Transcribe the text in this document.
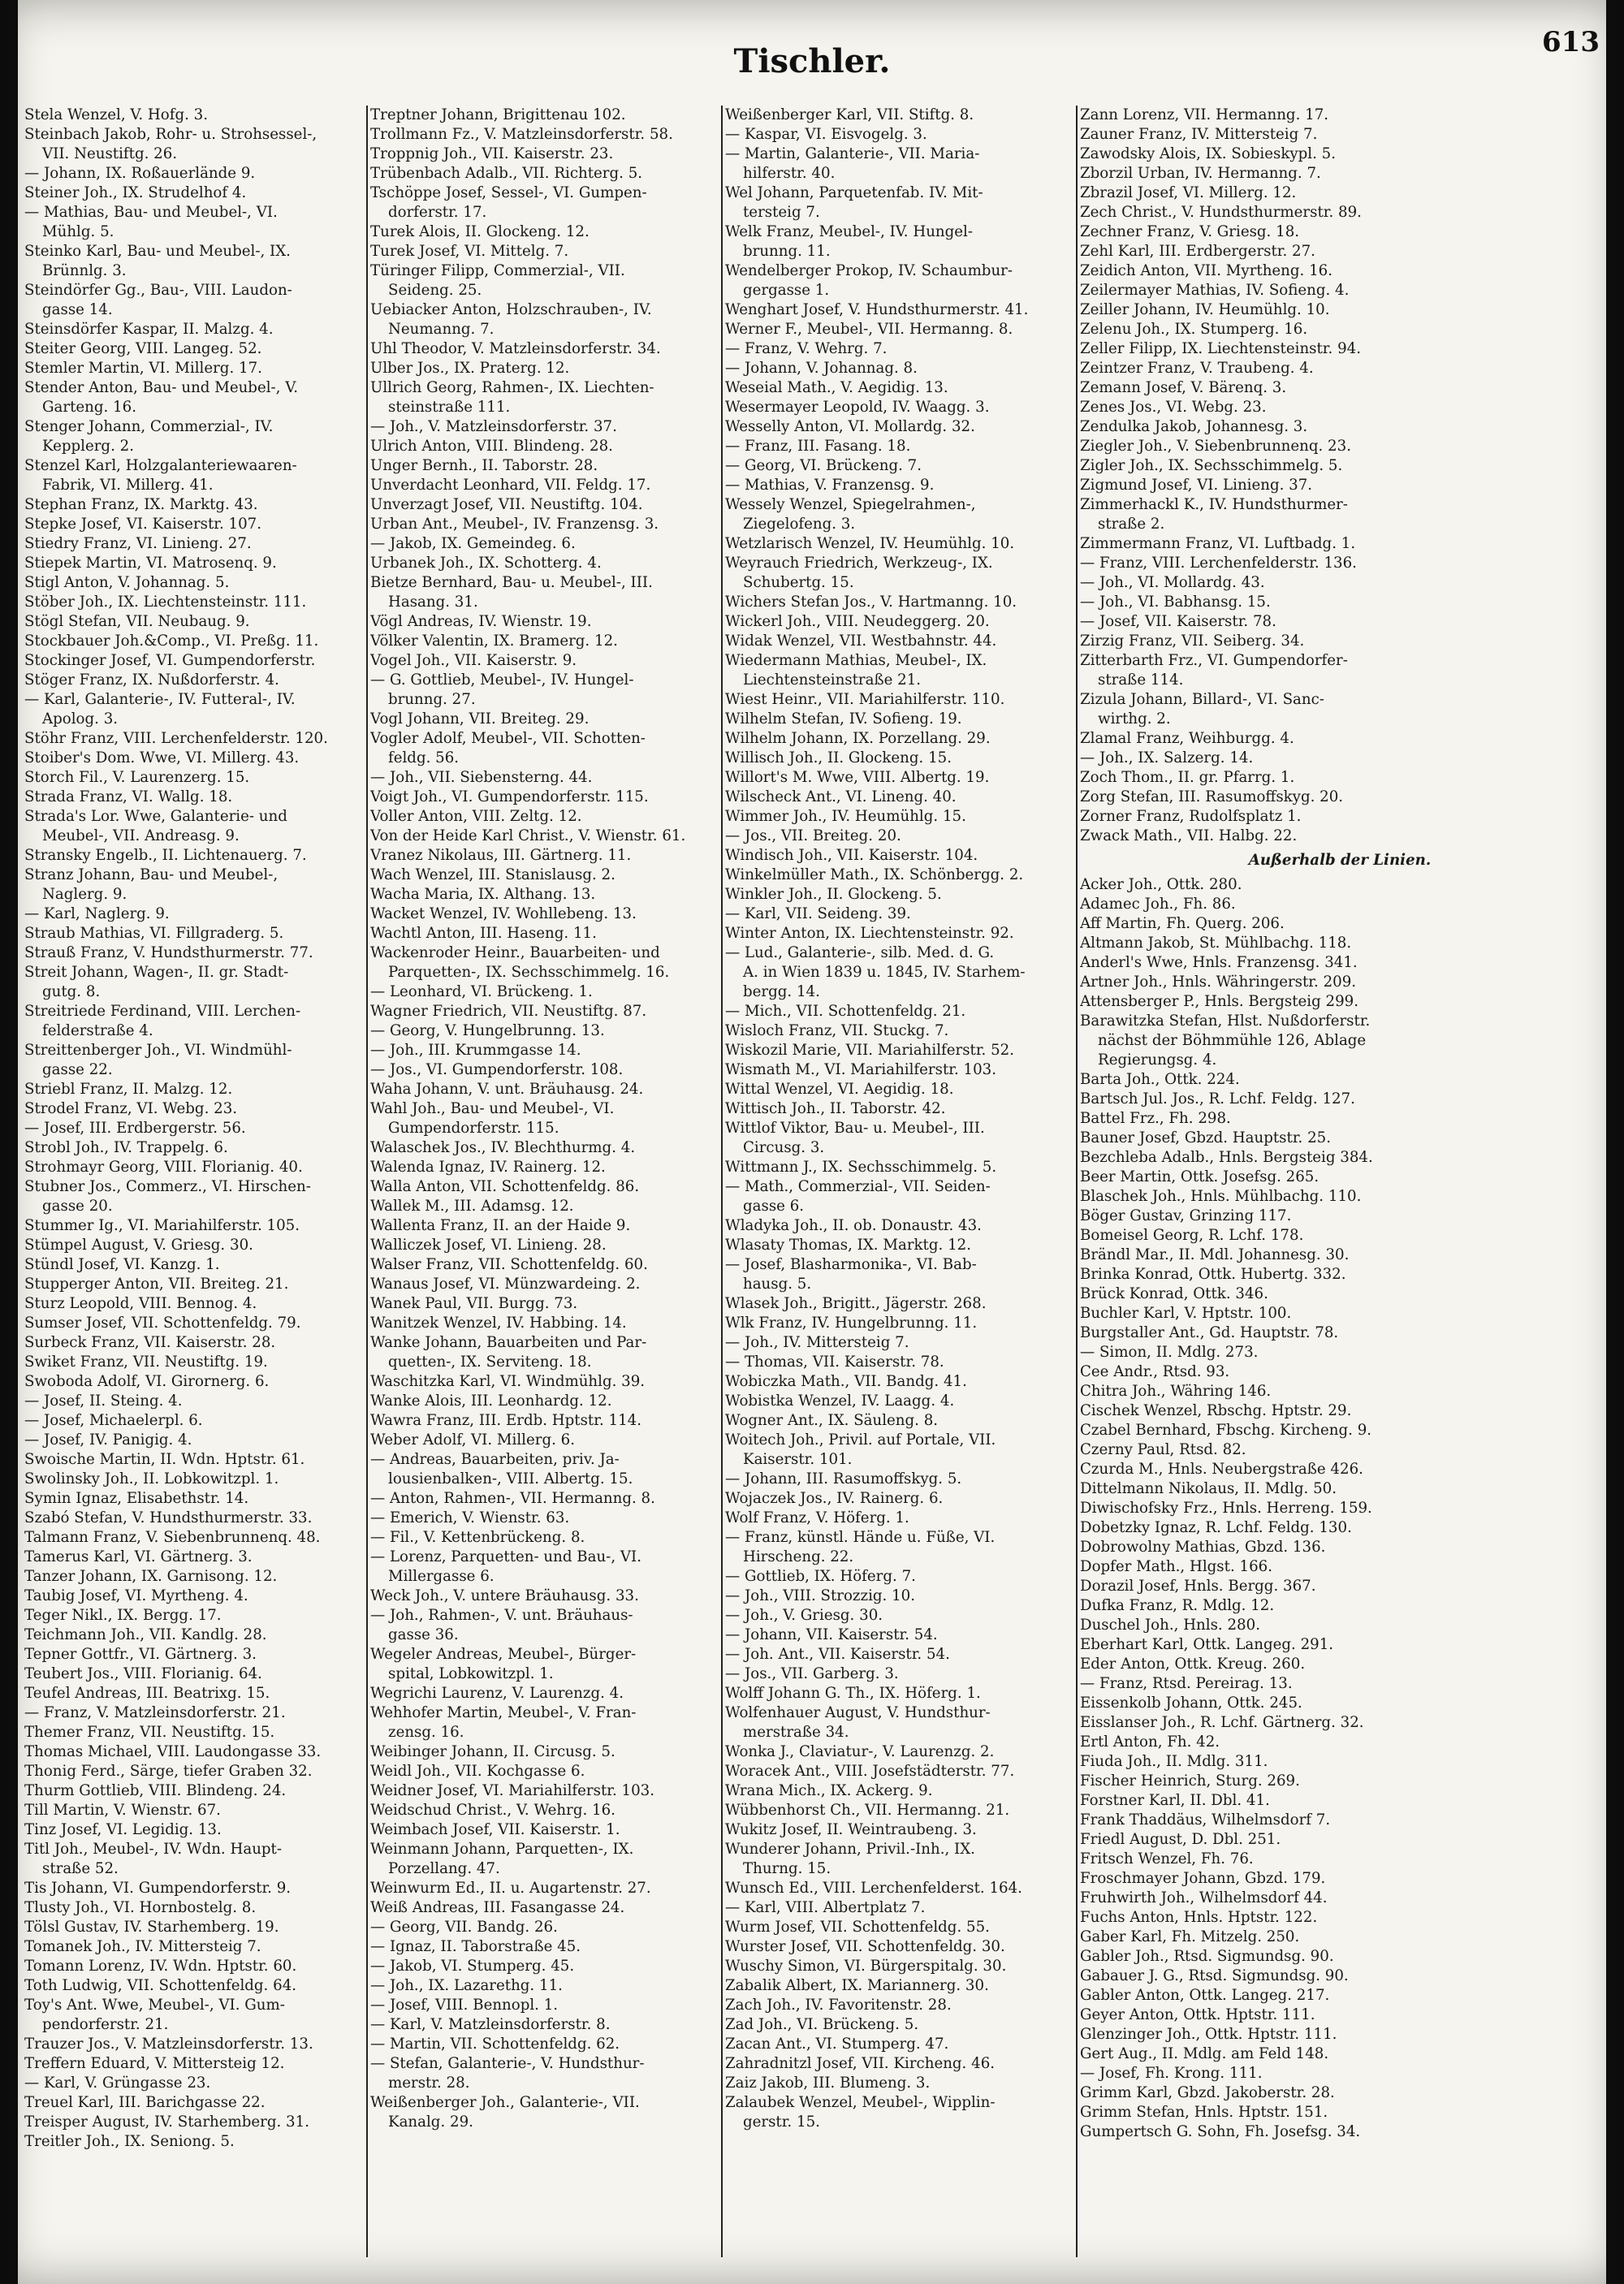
Tischler.	613
Stela Wenzel, V. Hofg. 3.
Steinbach Jakob, Rohr- u. Strohsessel-,
VII. Neustiftg. 26.
— Johann, IX. Roßauerlände 9.
Steiner Joh., IX. Strudelhof 4.
— Mathias, Bau- und Meubel-, VI.
Mühlg. 5.
Steinko Karl, Bau- und Meubel-, IX.
Brünnlg. 3.
Steindörfer Gg., Bau-, VIII. Laudon-
gasse 14.
Steinsdörfer Kaspar, II. Malzg. 4.
Steiter Georg, VIII. Langeg. 52.
Stemler Martin, VI. Millerg. 17.
Stender Anton, Bau- und Meubel-, V.
Garteng. 16.
Stenger Johann, Commerzial-, IV.
Kepplerg. 2.
Stenzel Karl, Holzgalanteriewaaren-
Fabrik, VI. Millerg. 41.
Stephan Franz, IX. Marktg. 43.
Stepke Josef, VI. Kaiserstr. 107.
Stiedry Franz, VI. Linieng. 27.
Stiepek Martin, VI. Matrosenq. 9.
Stigl Anton, V. Johannag. 5.
Stöber Joh., IX. Liechtensteinstr. 111.
Stögl Stefan, VII. Neubaug. 9.
Stockbauer Joh.&Comp., VI. Preßg. 11.
Stockinger Josef, VI. Gumpendorferstr.
Stöger Franz, IX. Nußdorferstr. 4.
— Karl, Galanterie-, IV. Futteral-, IV.
Apolog. 3.
Stöhr Franz, VIII. Lerchenfelderstr. 120.
Stoiber's Dom. Wwe, VI. Millerg. 43.
Storch Fil., V. Laurenzerg. 15.
Strada Franz, VI. Wallg. 18.
Strada's Lor. Wwe, Galanterie- und
Meubel-, VII. Andreasg. 9.
Stransky Engelb., II. Lichtenauerg. 7.
Stranz Johann, Bau- und Meubel-,
Naglerg. 9.
— Karl, Naglerg. 9.
Straub Mathias, VI. Fillgraderg. 5.
Strauß Franz, V. Hundsthurmerstr. 77.
Streit Johann, Wagen-, II. gr. Stadt-
gutg. 8.
Streitriede Ferdinand, VIII. Lerchen-
felderstraße 4.
Streittenberger Joh., VI. Windmühl-
gasse 22.
Striebl Franz, II. Malzg. 12.
Strodel Franz, VI. Webg. 23.
— Josef, III. Erdbergerstr. 56.
Strobl Joh., IV. Trappelg. 6.
Strohmayr Georg, VIII. Florianig. 40.
Stubner Jos., Commerz., VI. Hirschen-
gasse 20.
Stummer Ig., VI. Mariahilferstr. 105.
Stümpel August, V. Griesg. 30.
Stündl Josef, VI. Kanzg. 1.
Stupperger Anton, VII. Breiteg. 21.
Sturz Leopold, VIII. Bennog. 4.
Sumser Josef, VII. Schottenfeldg. 79.
Surbeck Franz, VII. Kaiserstr. 28.
Swiket Franz, VII. Neustiftg. 19.
Swoboda Adolf, VI. Girornerg. 6.
— Josef, II. Steing. 4.
— Josef, Michaelerpl. 6.
— Josef, IV. Panigig. 4.
Swoische Martin, II. Wdn. Hptstr. 61.
Swolinsky Joh., II. Lobkowitzpl. 1.
Symin Ignaz, Elisabethstr. 14.
Szabó Stefan, V. Hundsthurmerstr. 33.
Talmann Franz, V. Siebenbrunnenq. 48.
Tamerus Karl, VI. Gärtnerg. 3.
Tanzer Johann, IX. Garnisong. 12.
Taubig Josef, VI. Myrtheng. 4.
Teger Nikl., IX. Bergg. 17.
Teichmann Joh., VII. Kandlg. 28.
Tepner Gottfr., VI. Gärtnerg. 3.
Teubert Jos., VIII. Florianig. 64.
Teufel Andreas, III. Beatrixg. 15.
— Franz, V. Matzleinsdorferstr. 21.
Themer Franz, VII. Neustiftg. 15.
Thomas Michael, VIII. Laudongasse 33.
Thonig Ferd., Särge, tiefer Graben 32.
Thurm Gottlieb, VIII. Blindeng. 24.
Till Martin, V. Wienstr. 67.
Tinz Josef, VI. Legidig. 13.
Titl Joh., Meubel-, IV. Wdn. Haupt-
straße 52.
Tis Johann, VI. Gumpendorferstr. 9.
Tlusty Joh., VI. Hornbostelg. 8.
Tölsl Gustav, IV. Starhemberg. 19.
Tomanek Joh., IV. Mittersteig 7.
Tomann Lorenz, IV. Wdn. Hptstr. 60.
Toth Ludwig, VII. Schottenfeldg. 64.
Toy's Ant. Wwe, Meubel-, VI. Gum-
pendorferstr. 21.
Trauzer Jos., V. Matzleinsdorferstr. 13.
Treffern Eduard, V. Mittersteig 12.
— Karl, V. Grüngasse 23.
Treuel Karl, III. Barichgasse 22.
Treisper August, IV. Starhemberg. 31.
Treitler Joh., IX. Seniong. 5.
Treptner Johann, Brigittenau 102.
Trollmann Fz., V. Matzleinsdorferstr. 58.
Troppnig Joh., VII. Kaiserstr. 23.
Trübenbach Adalb., VII. Richterg. 5.
Tschöppe Josef, Sessel-, VI. Gumpen-
dorferstr. 17.
Turek Alois, II. Glockeng. 12.
Turek Josef, VI. Mittelg. 7.
Türinger Filipp, Commerzial-, VII.
Seideng. 25.
Uebiacker Anton, Holzschrauben-, IV.
Neumanng. 7.
Uhl Theodor, V. Matzleinsdorferstr. 34.
Ulber Jos., IX. Praterg. 12.
Ullrich Georg, Rahmen-, IX. Liechten-
steinstraße 111.
— Joh., V. Matzleinsdorferstr. 37.
Ulrich Anton, VIII. Blindeng. 28.
Unger Bernh., II. Taborstr. 28.
Unverdacht Leonhard, VII. Feldg. 17.
Unverzagt Josef, VII. Neustiftg. 104.
Urban Ant., Meubel-, IV. Franzensg. 3.
— Jakob, IX. Gemeindeg. 6.
Urbanek Joh., IX. Schotterg. 4.
Bietze Bernhard, Bau- u. Meubel-, III.
Hasang. 31.
Vögl Andreas, IV. Wienstr. 19.
Völker Valentin, IX. Bramerg. 12.
Vogel Joh., VII. Kaiserstr. 9.
— G. Gottlieb, Meubel-, IV. Hungel-
brunng. 27.
Vogl Johann, VII. Breiteg. 29.
Vogler Adolf, Meubel-, VII. Schotten-
feldg. 56.
— Joh., VII. Siebensterng. 44.
Voigt Joh., VI. Gumpendorferstr. 115.
Voller Anton, VIII. Zeltg. 12.
Von der Heide Karl Christ., V. Wienstr. 61.
Vranez Nikolaus, III. Gärtnerg. 11.
Wach Wenzel, III. Stanislausg. 2.
Wacha Maria, IX. Althang. 13.
Wacket Wenzel, IV. Wohllebeng. 13.
Wachtl Anton, III. Haseng. 11.
Wackenroder Heinr., Bauarbeiten- und
Parquetten-, IX. Sechsschimmelg. 16.
— Leonhard, VI. Brückeng. 1.
Wagner Friedrich, VII. Neustiftg. 87.
— Georg, V. Hungelbrunng. 13.
— Joh., III. Krummgasse 14.
— Jos., VI. Gumpendorferstr. 108.
Waha Johann, V. unt. Bräuhausg. 24.
Wahl Joh., Bau- und Meubel-, VI.
Gumpendorferstr. 115.
Walaschek Jos., IV. Blechthurmg. 4.
Walenda Ignaz, IV. Rainerg. 12.
Walla Anton, VII. Schottenfeldg. 86.
Wallek M., III. Adamsg. 12.
Wallenta Franz, II. an der Haide 9.
Walliczek Josef, VI. Linieng. 28.
Walser Franz, VII. Schottenfeldg. 60.
Wanaus Josef, VI. Münzwardeing. 2.
Wanek Paul, VII. Burgg. 73.
Wanitzek Wenzel, IV. Habbing. 14.
Wanke Johann, Bauarbeiten und Par-
quetten-, IX. Serviteng. 18.
Waschitzka Karl, VI. Windmühlg. 39.
Wanke Alois, III. Leonhardg. 12.
Wawra Franz, III. Erdb. Hptstr. 114.
Weber Adolf, VI. Millerg. 6.
— Andreas, Bauarbeiten, priv. Ja-
lousienbalken-, VIII. Albertg. 15.
— Anton, Rahmen-, VII. Hermanng. 8.
— Emerich, V. Wienstr. 63.
— Fil., V. Kettenbrückeng. 8.
— Lorenz, Parquetten- und Bau-, VI.
Millergasse 6.
Weck Joh., V. untere Bräuhausg. 33.
— Joh., Rahmen-, V. unt. Bräuhaus-
gasse 36.
Wegeler Andreas, Meubel-, Bürger-
spital, Lobkowitzpl. 1.
Wegrichi Laurenz, V. Laurenzg. 4.
Wehhofer Martin, Meubel-, V. Fran-
zensg. 16.
Weibinger Johann, II. Circusg. 5.
Weidl Joh., VII. Kochgasse 6.
Weidner Josef, VI. Mariahilferstr. 103.
Weidschud Christ., V. Wehrg. 16.
Weimbach Josef, VII. Kaiserstr. 1.
Weinmann Johann, Parquetten-, IX.
Porzellang. 47.
Weinwurm Ed., II. u. Augartenstr. 27.
Weiß Andreas, III. Fasangasse 24.
— Georg, VII. Bandg. 26.
— Ignaz, II. Taborstraße 45.
— Jakob, VI. Stumperg. 45.
— Joh., IX. Lazarethg. 11.
— Josef, VIII. Bennopl. 1.
— Karl, V. Matzleinsdorferstr. 8.
— Martin, VII. Schottenfeldg. 62.
— Stefan, Galanterie-, V. Hundsthur-
merstr. 28.
Weißenberger Joh., Galanterie-, VII.
Kanalg. 29.
Weißenberger Karl, VII. Stiftg. 8.
— Kaspar, VI. Eisvogelg. 3.
— Martin, Galanterie-, VII. Maria-
hilferstr. 40.
Wel Johann, Parquetenfab. IV. Mit-
tersteig 7.
Welk Franz, Meubel-, IV. Hungel-
brunng. 11.
Wendelberger Prokop, IV. Schaumbur-
gergasse 1.
Wenghart Josef, V. Hundsthurmerstr. 41.
Werner F., Meubel-, VII. Hermanng. 8.
— Franz, V. Wehrg. 7.
— Johann, V. Johannag. 8.
Weseial Math., V. Aegidig. 13.
Wesermayer Leopold, IV. Waagg. 3.
Wesselly Anton, VI. Mollardg. 32.
— Franz, III. Fasang. 18.
— Georg, VI. Brückeng. 7.
— Mathias, V. Franzensg. 9.
Wessely Wenzel, Spiegelrahmen-,
Ziegelofeng. 3.
Wetzlarisch Wenzel, IV. Heumühlg. 10.
Weyrauch Friedrich, Werkzeug-, IX.
Schubertg. 15.
Wichers Stefan Jos., V. Hartmanng. 10.
Wickerl Joh., VIII. Neudeggerg. 20.
Widak Wenzel, VII. Westbahnstr. 44.
Wiedermann Mathias, Meubel-, IX.
Liechtensteinstraße 21.
Wiest Heinr., VII. Mariahilferstr. 110.
Wilhelm Stefan, IV. Sofieng. 19.
Wilhelm Johann, IX. Porzellang. 29.
Willisch Joh., II. Glockeng. 15.
Willort's M. Wwe, VIII. Albertg. 19.
Wilscheck Ant., VI. Lineng. 40.
Wimmer Joh., IV. Heumühlg. 15.
— Jos., VII. Breiteg. 20.
Windisch Joh., VII. Kaiserstr. 104.
Winkelmüller Math., IX. Schönbergg. 2.
Winkler Joh., II. Glockeng. 5.
— Karl, VII. Seideng. 39.
Winter Anton, IX. Liechtensteinstr. 92.
— Lud., Galanterie-, silb. Med. d. G.
A. in Wien 1839 u. 1845, IV. Starhem-
bergg. 14.
— Mich., VII. Schottenfeldg. 21.
Wisloch Franz, VII. Stuckg. 7.
Wiskozil Marie, VII. Mariahilferstr. 52.
Wismath M., VI. Mariahilferstr. 103.
Wittal Wenzel, VI. Aegidig. 18.
Wittisch Joh., II. Taborstr. 42.
Wittlof Viktor, Bau- u. Meubel-, III.
Circusg. 3.
Wittmann J., IX. Sechsschimmelg. 5.
— Math., Commerzial-, VII. Seiden-
gasse 6.
Wladyka Joh., II. ob. Donaustr. 43.
Wlasaty Thomas, IX. Marktg. 12.
— Josef, Blasharmonika-, VI. Bab-
hausg. 5.
Wlasek Joh., Brigitt., Jägerstr. 268.
Wlk Franz, IV. Hungelbrunng. 11.
— Joh., IV. Mittersteig 7.
— Thomas, VII. Kaiserstr. 78.
Wobiczka Math., VII. Bandg. 41.
Wobistka Wenzel, IV. Laagg. 4.
Wogner Ant., IX. Säuleng. 8.
Woitech Joh., Privil. auf Portale, VII.
Kaiserstr. 101.
— Johann, III. Rasumoffskyg. 5.
Wojaczek Jos., IV. Rainerg. 6.
Wolf Franz, V. Höferg. 1.
— Franz, künstl. Hände u. Füße, VI.
Hirscheng. 22.
— Gottlieb, IX. Höferg. 7.
— Joh., VIII. Strozzig. 10.
— Joh., V. Griesg. 30.
— Johann, VII. Kaiserstr. 54.
— Joh. Ant., VII. Kaiserstr. 54.
— Jos., VII. Garberg. 3.
Wolff Johann G. Th., IX. Höferg. 1.
Wolfenhauer August, V. Hundsthur-
merstraße 34.
Wonka J., Claviatur-, V. Laurenzg. 2.
Woracek Ant., VIII. Josefstädterstr. 77.
Wrana Mich., IX. Ackerg. 9.
Wübbenhorst Ch., VII. Hermanng. 21.
Wukitz Josef, II. Weintraubeng. 3.
Wunderer Johann, Privil.-Inh., IX.
Thurng. 15.
Wunsch Ed., VIII. Lerchenfelderst. 164.
— Karl, VIII. Albertplatz 7.
Wurm Josef, VII. Schottenfeldg. 55.
Wurster Josef, VII. Schottenfeldg. 30.
Wuschy Simon, VI. Bürgerspitalg. 30.
Zabalik Albert, IX. Mariannerg. 30.
Zach Joh., IV. Favoritenstr. 28.
Zad Joh., VI. Brückeng. 5.
Zacan Ant., VI. Stumperg. 47.
Zahradnitzl Josef, VII. Kircheng. 46.
Zaiz Jakob, III. Blumeng. 3.
Zalaubek Wenzel, Meubel-, Wipplin-
gerstr. 15.
Zann Lorenz, VII. Hermanng. 17.
Zauner Franz, IV. Mittersteig 7.
Zawodsky Alois, IX. Sobieskypl. 5.
Zborzil Urban, IV. Hermanng. 7.
Zbrazil Josef, VI. Millerg. 12.
Zech Christ., V. Hundsthurmerstr. 89.
Zechner Franz, V. Griesg. 18.
Zehl Karl, III. Erdbergerstr. 27.
Zeidich Anton, VII. Myrtheng. 16.
Zeilermayer Mathias, IV. Sofieng. 4.
Zeiller Johann, IV. Heumühlg. 10.
Zelenu Joh., IX. Stumperg. 16.
Zeller Filipp, IX. Liechtensteinstr. 94.
Zeintzer Franz, V. Traubeng. 4.
Zemann Josef, V. Bärenq. 3.
Zenes Jos., VI. Webg. 23.
Zendulka Jakob, Johannesg. 3.
Ziegler Joh., V. Siebenbrunnenq. 23.
Zigler Joh., IX. Sechsschimmelg. 5.
Zigmund Josef, VI. Linieng. 37.
Zimmerhackl K., IV. Hundsthurmer-
straße 2.
Zimmermann Franz, VI. Luftbadg. 1.
— Franz, VIII. Lerchenfelderstr. 136.
— Joh., VI. Mollardg. 43.
— Joh., VI. Babhansg. 15.
— Josef, VII. Kaiserstr. 78.
Zirzig Franz, VII. Seiberg. 34.
Zitterbarth Frz., VI. Gumpendorfer-
straße 114.
Zizula Johann, Billard-, VI. Sanc-
wirthg. 2.
Zlamal Franz, Weihburgg. 4.
— Joh., IX. Salzerg. 14.
Zoch Thom., II. gr. Pfarrg. 1.
Zorg Stefan, III. Rasumoffskyg. 20.
Zorner Franz, Rudolfsplatz 1.
Zwack Math., VII. Halbg. 22.
Außerhalb der Linien.
Acker Joh., Ottk. 280.
Adamec Joh., Fh. 86.
Aff Martin, Fh. Querg. 206.
Altmann Jakob, St. Mühlbachg. 118.
Anderl's Wwe, Hnls. Franzensg. 341.
Artner Joh., Hnls. Währingerstr. 209.
Attensberger P., Hnls. Bergsteig 299.
Barawitzka Stefan, Hlst. Nußdorferstr.
nächst der Böhmmühle 126, Ablage
Regierungsg. 4.
Barta Joh., Ottk. 224.
Bartsch Jul. Jos., R. Lchf. Feldg. 127.
Battel Frz., Fh. 298.
Bauner Josef, Gbzd. Hauptstr. 25.
Bezchleba Adalb., Hnls. Bergsteig 384.
Beer Martin, Ottk. Josefsg. 265.
Blaschek Joh., Hnls. Mühlbachg. 110.
Böger Gustav, Grinzing 117.
Bomeisel Georg, R. Lchf. 178.
Brändl Mar., II. Mdl. Johannesg. 30.
Brinka Konrad, Ottk. Hubertg. 332.
Brück Konrad, Ottk. 346.
Buchler Karl, V. Hptstr. 100.
Burgstaller Ant., Gd. Hauptstr. 78.
— Simon, II. Mdlg. 273.
Cee Andr., Rtsd. 93.
Chitra Joh., Währing 146.
Cischek Wenzel, Rbschg. Hptstr. 29.
Czabel Bernhard, Fbschg. Kircheng. 9.
Czerny Paul, Rtsd. 82.
Czurda M., Hnls. Neubergstraße 426.
Dittelmann Nikolaus, II. Mdlg. 50.
Diwischofsky Frz., Hnls. Herreng. 159.
Dobetzky Ignaz, R. Lchf. Feldg. 130.
Dobrowolny Mathias, Gbzd. 136.
Dopfer Math., Hlgst. 166.
Dorazil Josef, Hnls. Bergg. 367.
Dufka Franz, R. Mdlg. 12.
Duschel Joh., Hnls. 280.
Eberhart Karl, Ottk. Langeg. 291.
Eder Anton, Ottk. Kreug. 260.
— Franz, Rtsd. Pereirag. 13.
Eissenkolb Johann, Ottk. 245.
Eisslanser Joh., R. Lchf. Gärtnerg. 32.
Ertl Anton, Fh. 42.
Fiuda Joh., II. Mdlg. 311.
Fischer Heinrich, Sturg. 269.
Forstner Karl, II. Dbl. 41.
Frank Thaddäus, Wilhelmsdorf 7.
Friedl August, D. Dbl. 251.
Fritsch Wenzel, Fh. 76.
Froschmayer Johann, Gbzd. 179.
Fruhwirth Joh., Wilhelmsdorf 44.
Fuchs Anton, Hnls. Hptstr. 122.
Gaber Karl, Fh. Mitzelg. 250.
Gabler Joh., Rtsd. Sigmundsg. 90.
Gabauer J. G., Rtsd. Sigmundsg. 90.
Gabler Anton, Ottk. Langeg. 217.
Geyer Anton, Ottk. Hptstr. 111.
Glenzinger Joh., Ottk. Hptstr. 111.
Gert Aug., II. Mdlg. am Feld 148.
— Josef, Fh. Krong. 111.
Grimm Karl, Gbzd. Jakoberstr. 28.
Grimm Stefan, Hnls. Hptstr. 151.
Gumpertsch G. Sohn, Fh. Josefsg. 34.
